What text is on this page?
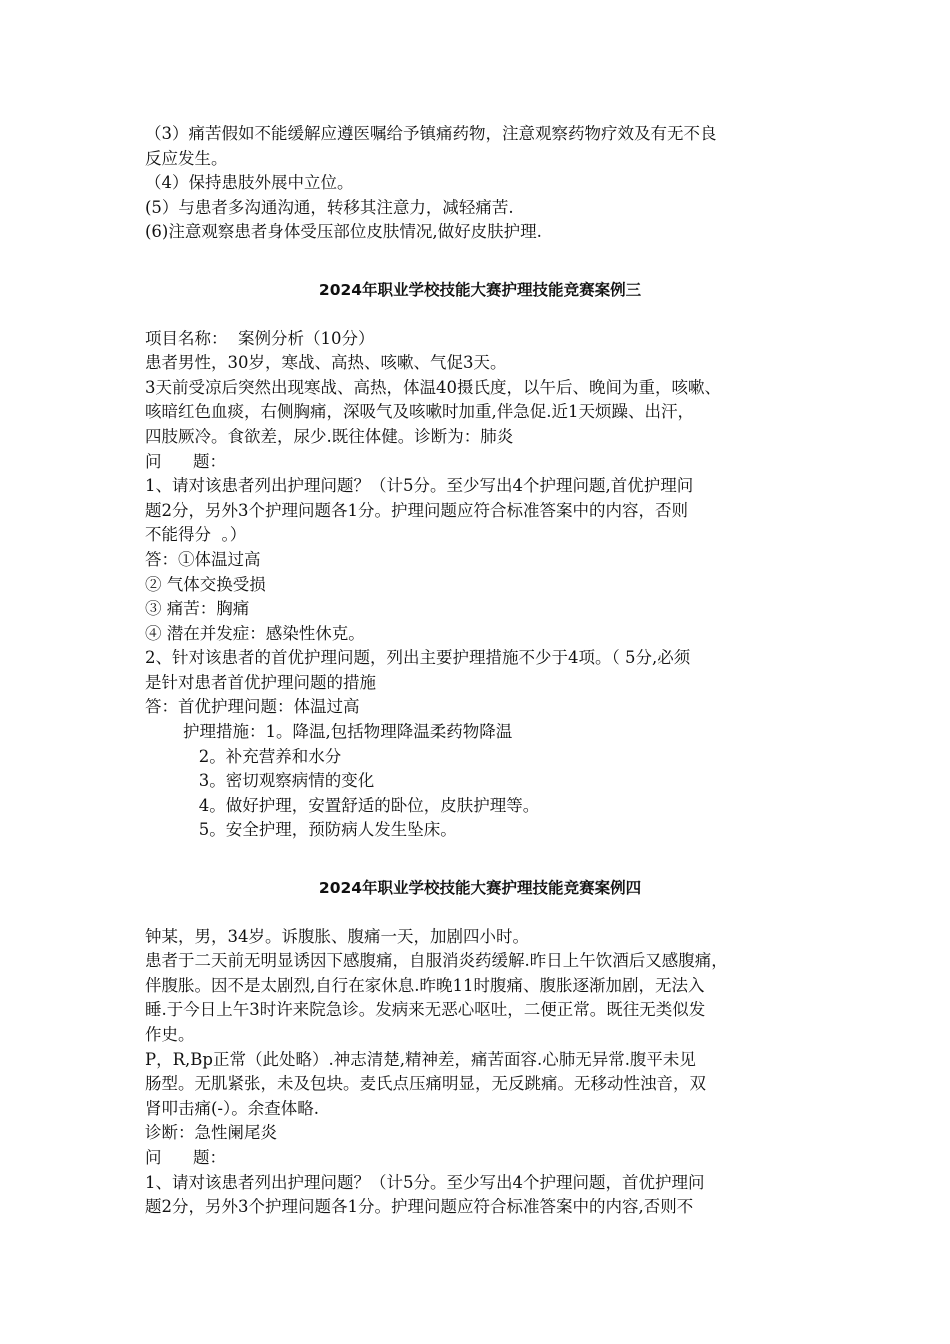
（3）痛苦假如不能缓解应遵医嘱给予镇痛药物，注意观察药物疗效及有无不良

反应发生。

（4）保持患肢外展中立位。

(5）与患者多沟通沟通，转移其注意力，减轻痛苦.

(6)注意观察患者身体受压部位皮肤情况,做好皮肤护理.

2024年职业学校技能大赛护理技能竞赛案例三

项目名称：  案例分析（10分）

患者男性，30岁，寒战、高热、咳嗽、气促3天。

3天前受凉后突然出现寒战、高热，体温40摄氏度，以午后、晚间为重，咳嗽、

咳暗红色血痰，右侧胸痛，深吸气及咳嗽时加重,伴急促.近1天烦躁、出汗，

四肢厥冷。食欲差，尿少.既往体健。诊断为：肺炎

问      题：

1、请对该患者列出护理问题？（计5分。至少写出4个护理问题,首优护理问

题2分，另外3个护理问题各1分。护理问题应符合标准答案中的内容，否则

不能得分  。）

答：①体温过高

② 气体交换受损

③ 痛苦：胸痛

④ 潜在并发症：感染性休克。

2、针对该患者的首优护理问题，列出主要护理措施不少于4项。（ 5分,必须

是针对患者首优护理问题的措施

答：首优护理问题：体温过高

护理措施：1。降温,包括物理降温柔药物降温

2。补充营养和水分

3。密切观察病情的变化

4。做好护理，安置舒适的卧位，皮肤护理等。

5。安全护理，预防病人发生坠床。

2024年职业学校技能大赛护理技能竞赛案例四

钟某，男，34岁。诉腹胀、腹痛一天，加剧四小时。

患者于二天前无明显诱因下感腹痛，自服消炎药缓解.昨日上午饮酒后又感腹痛，

伴腹胀。因不是太剧烈,自行在家休息.昨晚11时腹痛、腹胀逐渐加剧，无法入

睡.于今日上午3时许来院急诊。发病来无恶心呕吐，二便正常。既往无类似发

作史。

P，R,Bp正常（此处略）.神志清楚,精神差，痛苦面容.心肺无异常.腹平未见

肠型。无肌紧张，未及包块。麦氏点压痛明显，无反跳痛。无移动性浊音，双

肾叩击痛(-）。余查体略.

诊断：急性阑尾炎

问      题：

1、请对该患者列出护理问题？（计5分。至少写出4个护理问题，首优护理问

题2分，另外3个护理问题各1分。护理问题应符合标准答案中的内容,否则不
